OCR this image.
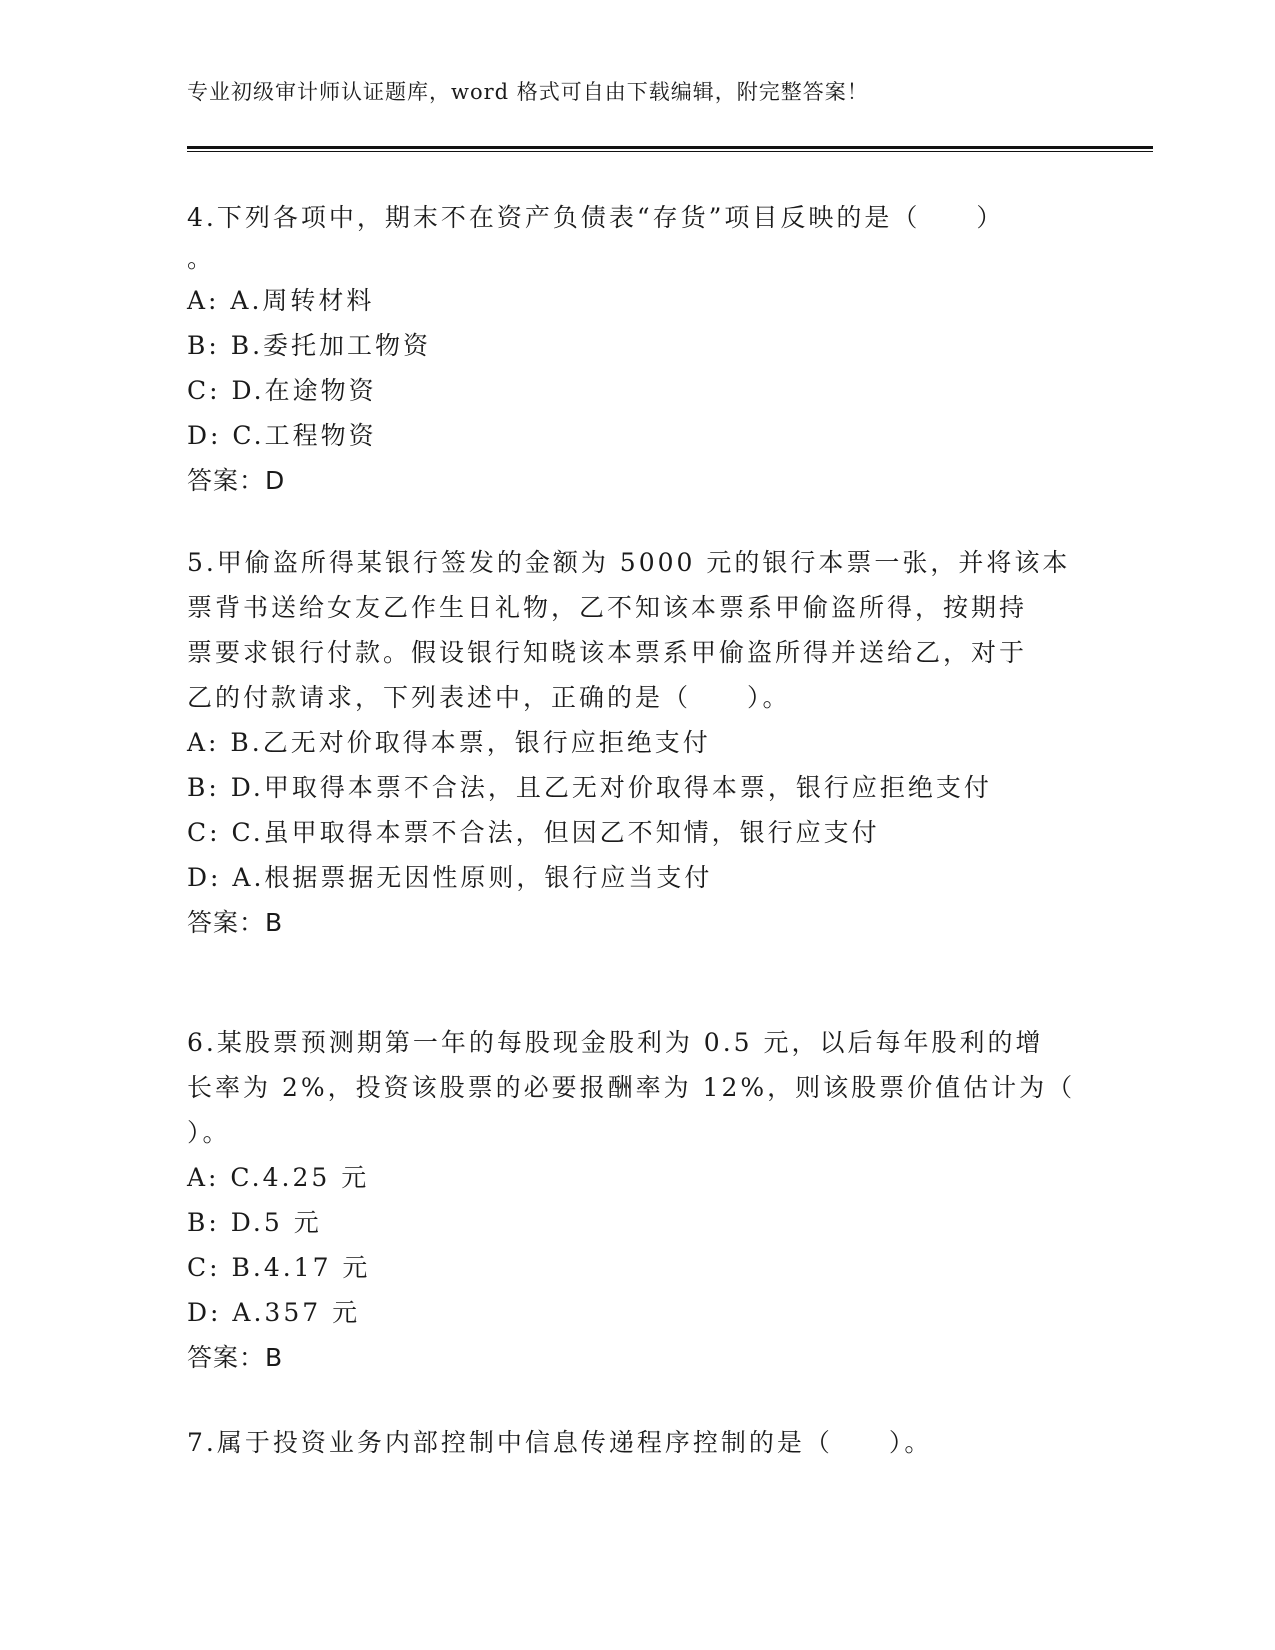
专业初级审计师认证题库，word 格式可自由下载编辑，附完整答案！
4.下列各项中，期末不在资产负债表“存货”项目反映的是（　　）
。
A: A.周转材料
B: B.委托加工物资
C: D.在途物资
D: C.工程物资
答案：D
5.甲偷盗所得某银行签发的金额为 5000 元的银行本票一张，并将该本
票背书送给女友乙作生日礼物，乙不知该本票系甲偷盗所得，按期持
票要求银行付款。假设银行知晓该本票系甲偷盗所得并送给乙，对于
乙的付款请求，下列表述中，正确的是（　　）。
A: B.乙无对价取得本票，银行应拒绝支付
B: D.甲取得本票不合法，且乙无对价取得本票，银行应拒绝支付
C: C.虽甲取得本票不合法，但因乙不知情，银行应支付
D: A.根据票据无因性原则，银行应当支付
答案：B
6.某股票预测期第一年的每股现金股利为 0.5 元，以后每年股利的增
长率为 2%，投资该股票的必要报酬率为 12%，则该股票价值估计为（
）。
A: C.4.25 元
B: D.5 元
C: B.4.17 元
D: A.357 元
答案：B
7.属于投资业务内部控制中信息传递程序控制的是（　　）。
